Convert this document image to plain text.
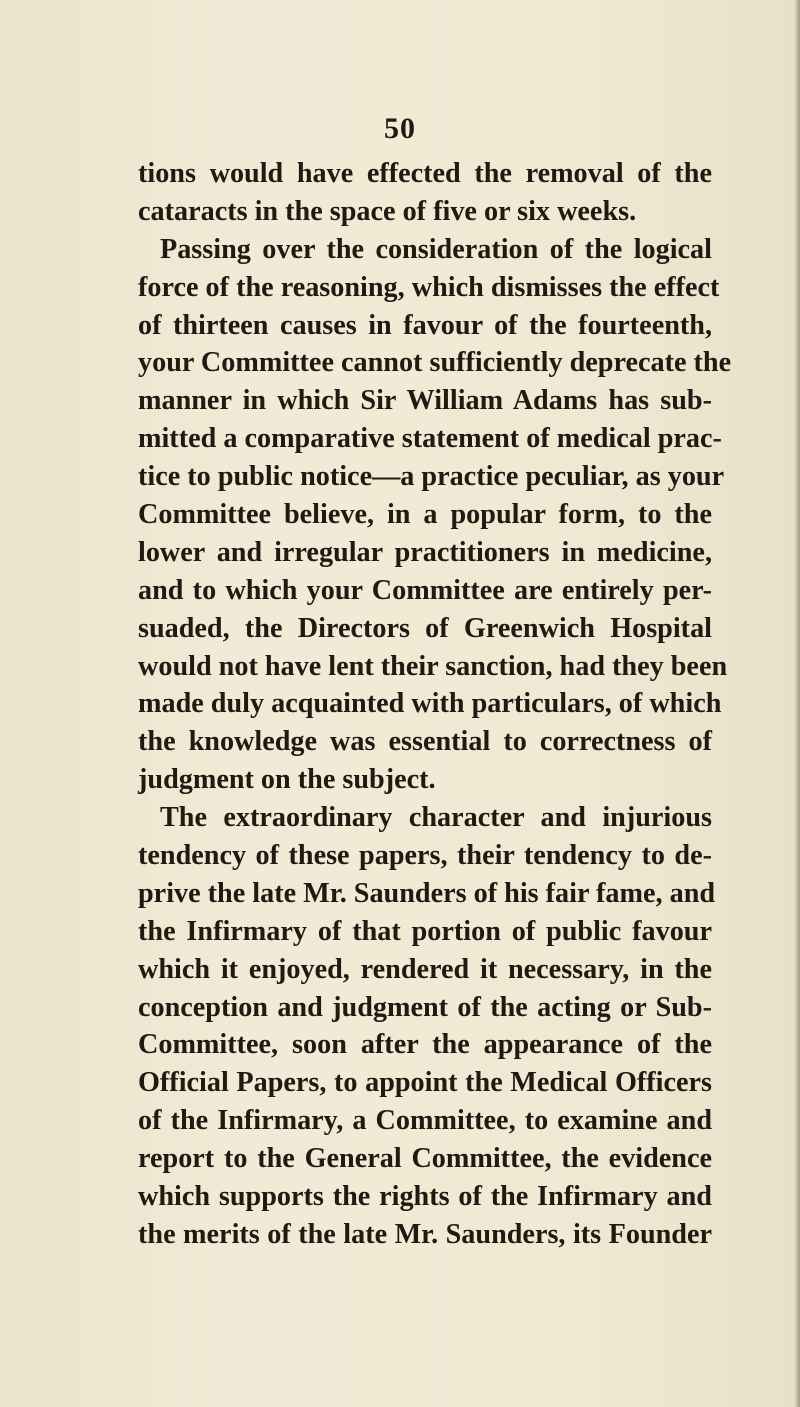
50
tions would have effected the removal of the
cataracts in the space of five or six weeks.
Passing over the consideration of the logical
force of the reasoning, which dismisses the effect
of thirteen causes in favour of the fourteenth,
your Committee cannot sufficiently deprecate the
manner in which Sir William Adams has sub-
mitted a comparative statement of medical prac-
tice to public notice—a practice peculiar, as your
Committee believe, in a popular form, to the
lower and irregular practitioners in medicine,
and to which your Committee are entirely per-
suaded, the Directors of Greenwich Hospital
would not have lent their sanction, had they been
made duly acquainted with particulars, of which
the knowledge was essential to correctness of
judgment on the subject.
The extraordinary character and injurious
tendency of these papers, their tendency to de-
prive the late Mr. Saunders of his fair fame, and
the Infirmary of that portion of public favour
which it enjoyed, rendered it necessary, in the
conception and judgment of the acting or Sub-
Committee, soon after the appearance of the
Official Papers, to appoint the Medical Officers
of the Infirmary, a Committee, to examine and
report to the General Committee, the evidence
which supports the rights of the Infirmary and
the merits of the late Mr. Saunders, its Founder
